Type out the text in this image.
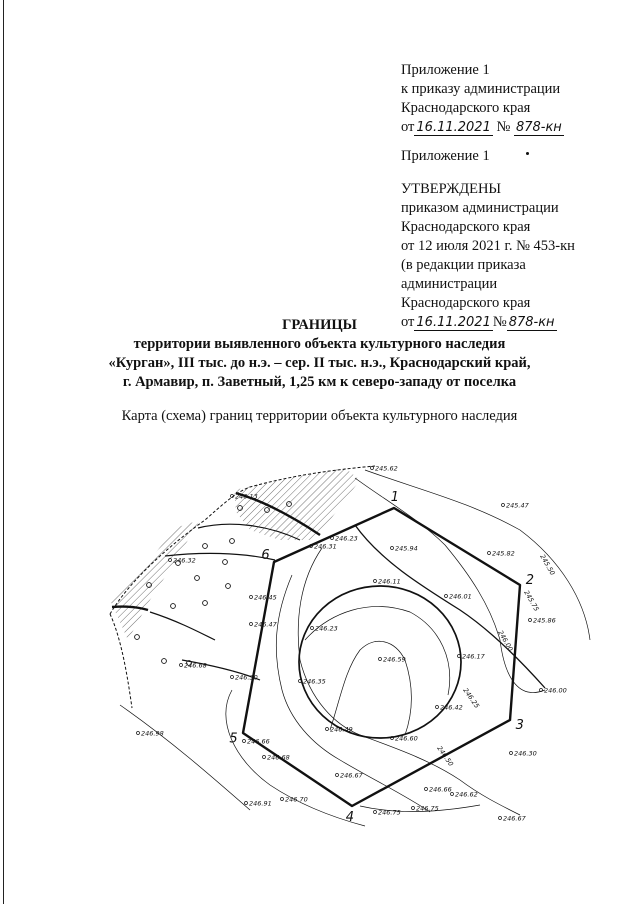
Приложение 1
к приказу администрации
Краснодарского края
от 16.11.2021 № 878-кн
Приложение 1
УТВЕРЖДЕНЫ
приказом администрации
Краснодарского края
от 12 июля 2021 г. № 453-кн
(в редакции приказа
администрации
Краснодарского края
от 16.11.2021 № 878-кн
ГРАНИЦЫ
территории выявленного объекта культурного наследия
«Курган», III тыс. до н.э. – сер. II тыс. н.э., Краснодарский край,
г. Армавир, п. Заветный, 1,25 км к северо-западу от поселка
Карта (схема) границ территории объекта культурного наследия
1
2
3
4
5
6	245.50
245.75
246.00
246.25
246.50
245.62
246.13
245.47
246.23
246.31	245.94
245.82
246.32
246.11
246.01
246.45
246.47	246.23
245.86
246.17
246.59
246.68
246.30	246.35
246.00
246.42
246.98	246.49
246.60
246.66
246.68	246.30
246.67
246.66
246.62
246.70
246.91
246.75 246.75
246.67
